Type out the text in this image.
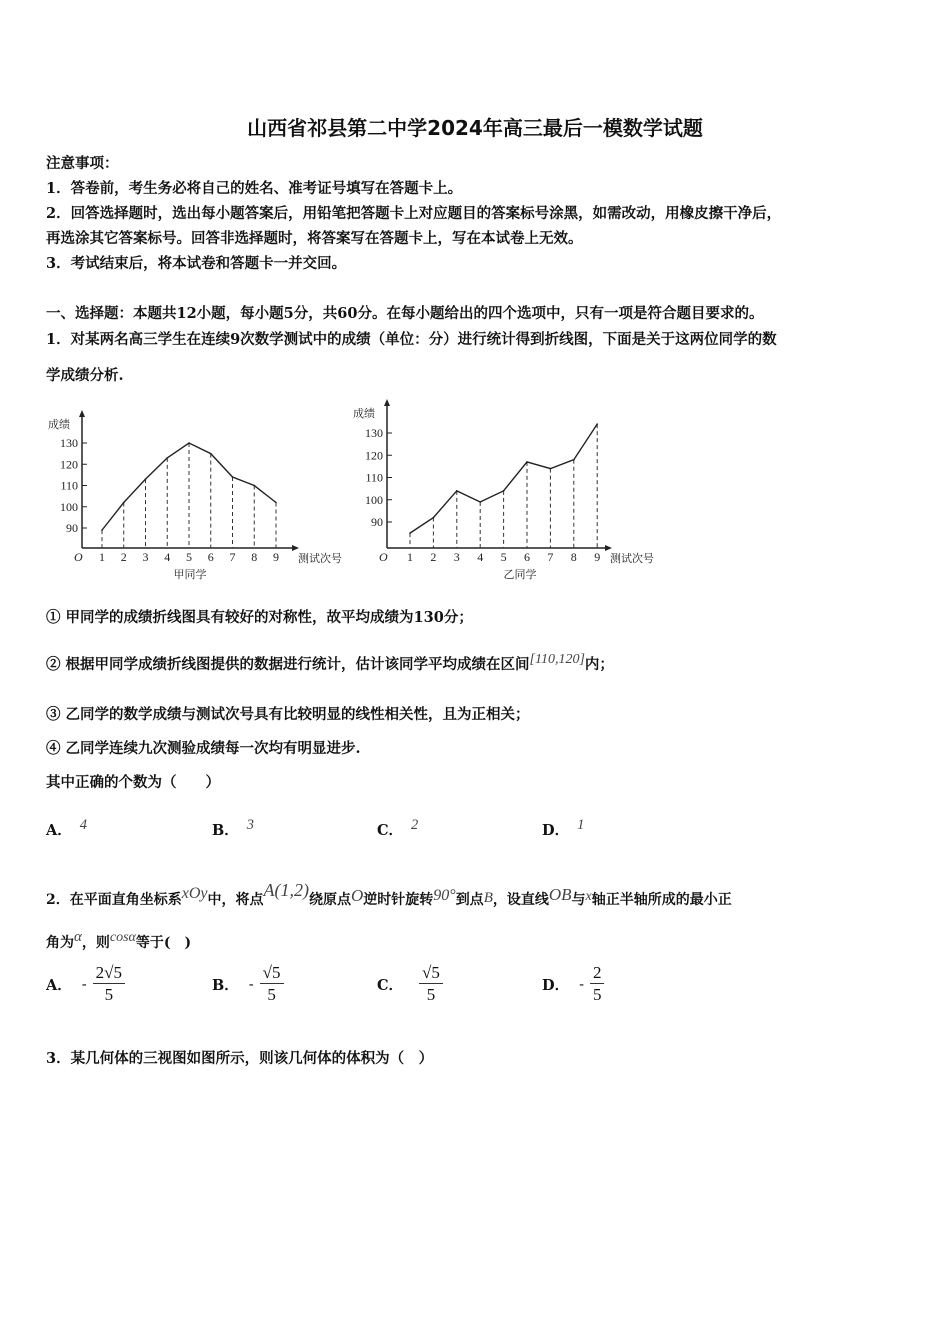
山西省祁县第二中学2024年高三最后一模数学试题
注意事项：
1．答卷前，考生务必将自己的姓名、准考证号填写在答题卡上。
2．回答选择题时，选出每小题答案后，用铅笔把答题卡上对应题目的答案标号涂黑，如需改动，用橡皮擦干净后，
再选涂其它答案标号。回答非选择题时，将答案写在答题卡上，写在本试卷上无效。
3．考试结束后，将本试卷和答题卡一并交回。
一、选择题：本题共12小题，每小题5分，共60分。在每小题给出的四个选项中，只有一项是符合题目要求的。
1．对某两名高三学生在连续9次数学测试中的成绩（单位：分）进行统计得到折线图，下面是关于这两位同学的数
学成绩分析.
成绩
O	测试次号
甲同学
90
100
110
120
130
1 2 3 4 5 6 7 8 9
成绩
O	测试次号
乙同学
90
100
110
120
130
1 2 3 4 5 6 7 8 9
① 甲同学的成绩折线图具有较好的对称性，故平均成绩为130分；
② 根据甲同学成绩折线图提供的数据进行统计，估计该同学平均成绩在区间[110,120]内；
③ 乙同学的数学成绩与测试次号具有比较明显的线性相关性，且为正相关；
④ 乙同学连续九次测验成绩每一次均有明显进步.
其中正确的个数为（　　）
A． 4	B． 3	C． 2	D． 1
2．在平面直角坐标系xOy中，将点A(1,2)绕原点O逆时针旋转90°到点B，设直线OB与x轴正半轴所成的最小正
角为α，则cosα等于(　)
A． - $\frac{2√5}{5}$	B． - $\frac{√5}{5}$	C． $\frac{√5}{5}$	D． - $\frac{2}{5}$
3．某几何体的三视图如图所示，则该几何体的体积为（　）
